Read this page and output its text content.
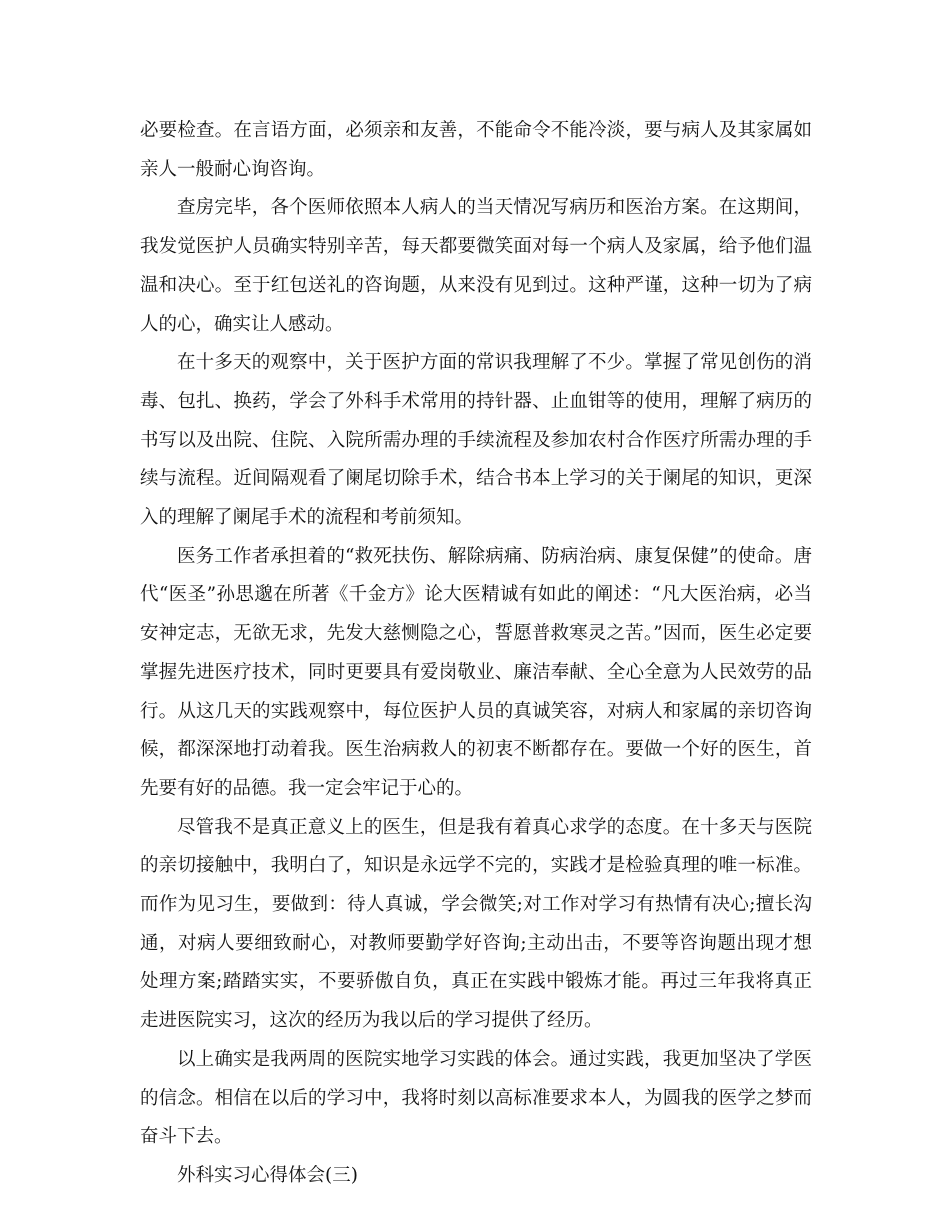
必要检查。在言语方面，必须亲和友善，不能命令不能冷淡，要与病人及其家属如亲人一般耐心询咨询。

查房完毕，各个医师依照本人病人的当天情况写病历和医治方案。在这期间，我发觉医护人员确实特别辛苦，每天都要微笑面对每一个病人及家属，给予他们温温和决心。至于红包送礼的咨询题，从来没有见到过。这种严谨，这种一切为了病人的心，确实让人感动。

在十多天的观察中，关于医护方面的常识我理解了不少。掌握了常见创伤的消毒、包扎、换药，学会了外科手术常用的持针器、止血钳等的使用，理解了病历的书写以及出院、住院、入院所需办理的手续流程及参加农村合作医疗所需办理的手续与流程。近间隔观看了阑尾切除手术，结合书本上学习的关于阑尾的知识，更深入的理解了阑尾手术的流程和考前须知。

医务工作者承担着的“救死扶伤、解除病痛、防病治病、康复保健”的使命。唐代“医圣”孙思邈在所著《千金方》论大医精诚有如此的阐述：“凡大医治病，必当安神定志，无欲无求，先发大慈恻隐之心，誓愿普救寒灵之苦。”因而，医生必定要掌握先进医疗技术，同时更要具有爱岗敬业、廉洁奉献、全心全意为人民效劳的品行。从这几天的实践观察中，每位医护人员的真诚笑容，对病人和家属的亲切咨询候，都深深地打动着我。医生治病救人的初衷不断都存在。要做一个好的医生，首先要有好的品德。我一定会牢记于心的。

尽管我不是真正意义上的医生，但是我有着真心求学的态度。在十多天与医院的亲切接触中，我明白了，知识是永远学不完的，实践才是检验真理的唯一标准。而作为见习生，要做到：待人真诚，学会微笑;对工作对学习有热情有决心;擅长沟通，对病人要细致耐心，对教师要勤学好咨询;主动出击，不要等咨询题出现才想处理方案;踏踏实实，不要骄傲自负，真正在实践中锻炼才能。再过三年我将真正走进医院实习，这次的经历为我以后的学习提供了经历。

以上确实是我两周的医院实地学习实践的体会。通过实践，我更加坚决了学医的信念。相信在以后的学习中，我将时刻以高标准要求本人，为圆我的医学之梦而奋斗下去。

外科实习心得体会(三)
